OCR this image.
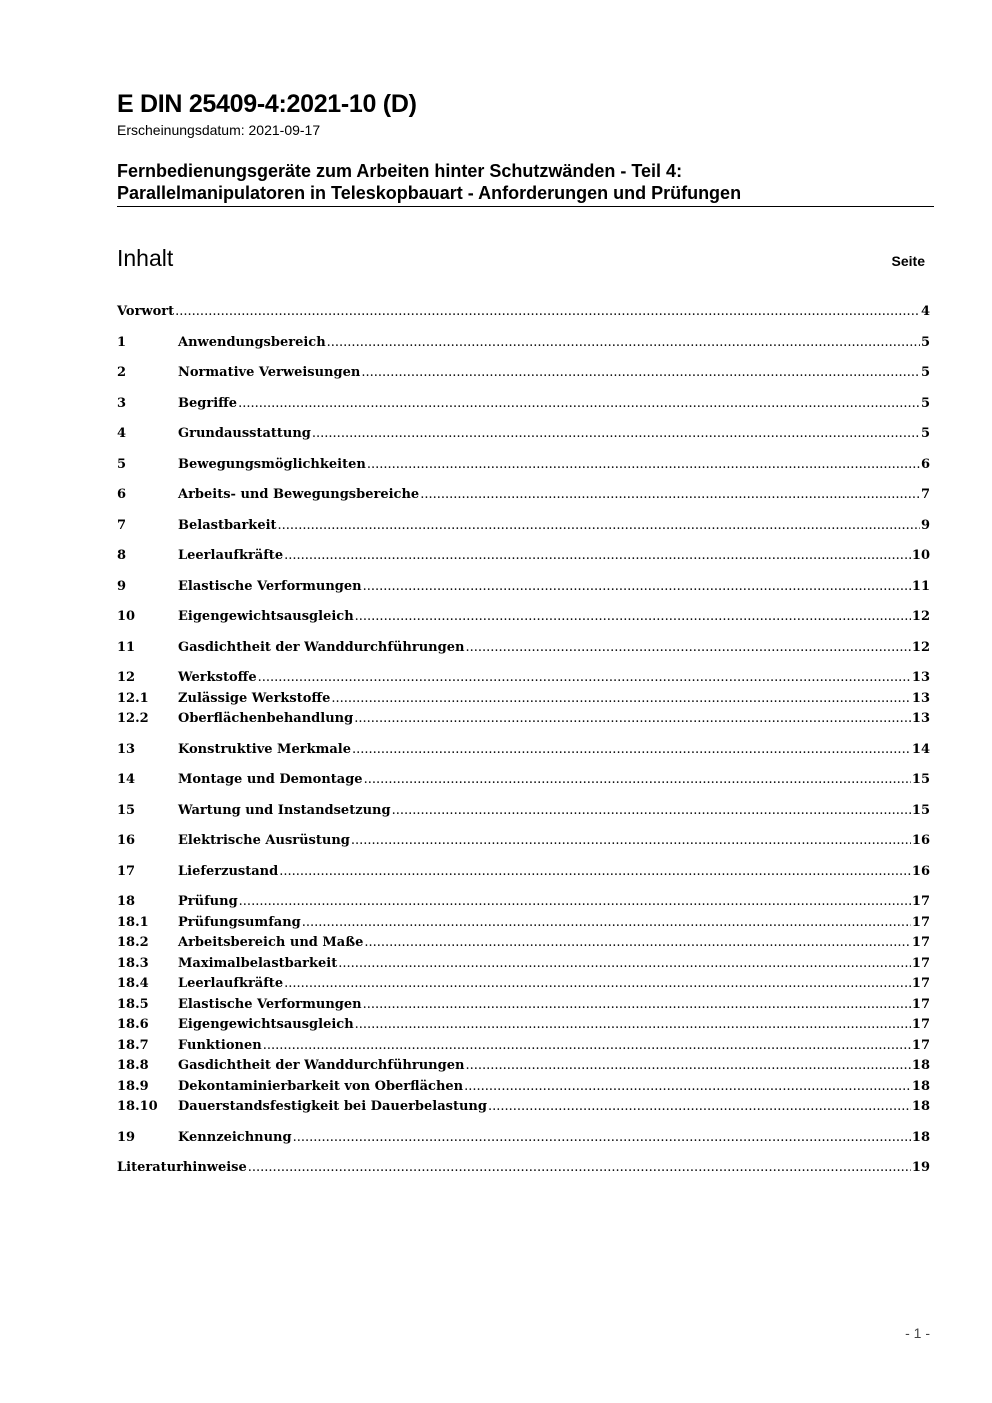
E DIN 25409-4:2021-10 (D)
Erscheinungsdatum: 2021-09-17
Fernbedienungsgeräte zum Arbeiten hinter Schutzwänden - Teil 4:
Parallelmanipulatoren in Teleskopbauart - Anforderungen und Prüfungen
Inhalt	Seite
Vorwort .....	4
1	Anwendungsbereich .....	5
2	Normative Verweisungen .....	5
3	Begriffe .....	5
4	Grundausstattung .....	5
5	Bewegungsmöglichkeiten .....	6
6	Arbeits- und Bewegungsbereiche .....	7
7	Belastbarkeit .....	9
8	Leerlaufkräfte .....	10
9	Elastische Verformungen .....	11
10	Eigengewichtsausgleich .....	12
11	Gasdichtheit der Wanddurchführungen .....	12
12	Werkstoffe .....	13
12.1	Zulässige Werkstoffe .....	13
12.2	Oberflächenbehandlung .....	13
13	Konstruktive Merkmale .....	14
14	Montage und Demontage .....	15
15	Wartung und Instandsetzung .....	15
16	Elektrische Ausrüstung .....	16
17	Lieferzustand .....	16
18	Prüfung .....	17
18.1	Prüfungsumfang .....	17
18.2	Arbeitsbereich und Maße .....	17
18.3	Maximalbelastbarkeit .....	17
18.4	Leerlaufkräfte .....	17
18.5	Elastische Verformungen .....	17
18.6	Eigengewichtsausgleich .....	17
18.7	Funktionen .....	17
18.8	Gasdichtheit der Wanddurchführungen .....	18
18.9	Dekontaminierbarkeit von Oberflächen .....	18
18.10	Dauerstandsfestigkeit bei Dauerbelastung .....	18
19	Kennzeichnung .....	18
Literaturhinweise .....	19
- 1 -
